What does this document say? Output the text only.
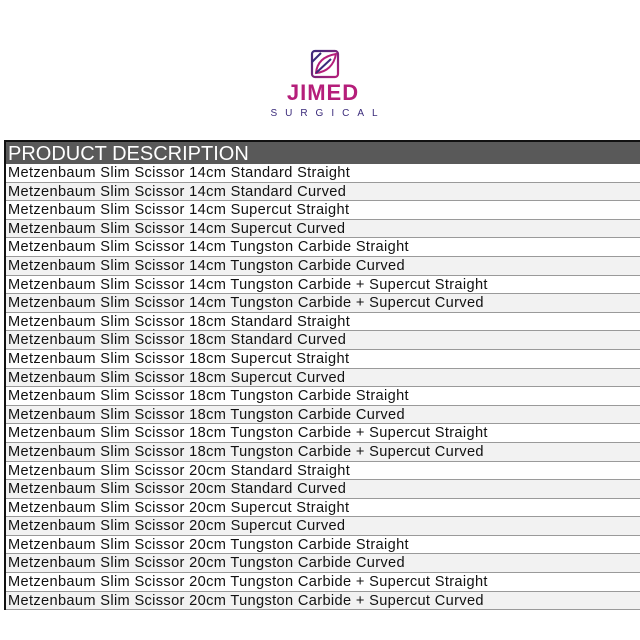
JIMED
SURGICAL
PRODUCT DESCRIPTION
Metzenbaum Slim Scissor 14cm Standard Straight
Metzenbaum Slim Scissor 14cm Standard Curved
Metzenbaum Slim Scissor 14cm Supercut Straight
Metzenbaum Slim Scissor 14cm Supercut Curved
Metzenbaum Slim Scissor 14cm Tungston Carbide Straight
Metzenbaum Slim Scissor 14cm Tungston Carbide Curved
Metzenbaum Slim Scissor 14cm Tungston Carbide + Supercut Straight
Metzenbaum Slim Scissor 14cm Tungston Carbide + Supercut Curved
Metzenbaum Slim Scissor 18cm Standard Straight
Metzenbaum Slim Scissor 18cm Standard Curved
Metzenbaum Slim Scissor 18cm Supercut Straight
Metzenbaum Slim Scissor 18cm Supercut Curved
Metzenbaum Slim Scissor 18cm Tungston Carbide Straight
Metzenbaum Slim Scissor 18cm Tungston Carbide Curved
Metzenbaum Slim Scissor 18cm Tungston Carbide + Supercut Straight
Metzenbaum Slim Scissor 18cm Tungston Carbide + Supercut Curved
Metzenbaum Slim Scissor 20cm Standard Straight
Metzenbaum Slim Scissor 20cm Standard Curved
Metzenbaum Slim Scissor 20cm Supercut Straight
Metzenbaum Slim Scissor 20cm Supercut Curved
Metzenbaum Slim Scissor 20cm Tungston Carbide Straight
Metzenbaum Slim Scissor 20cm Tungston Carbide Curved
Metzenbaum Slim Scissor 20cm Tungston Carbide + Supercut Straight
Metzenbaum Slim Scissor 20cm Tungston Carbide + Supercut Curved
